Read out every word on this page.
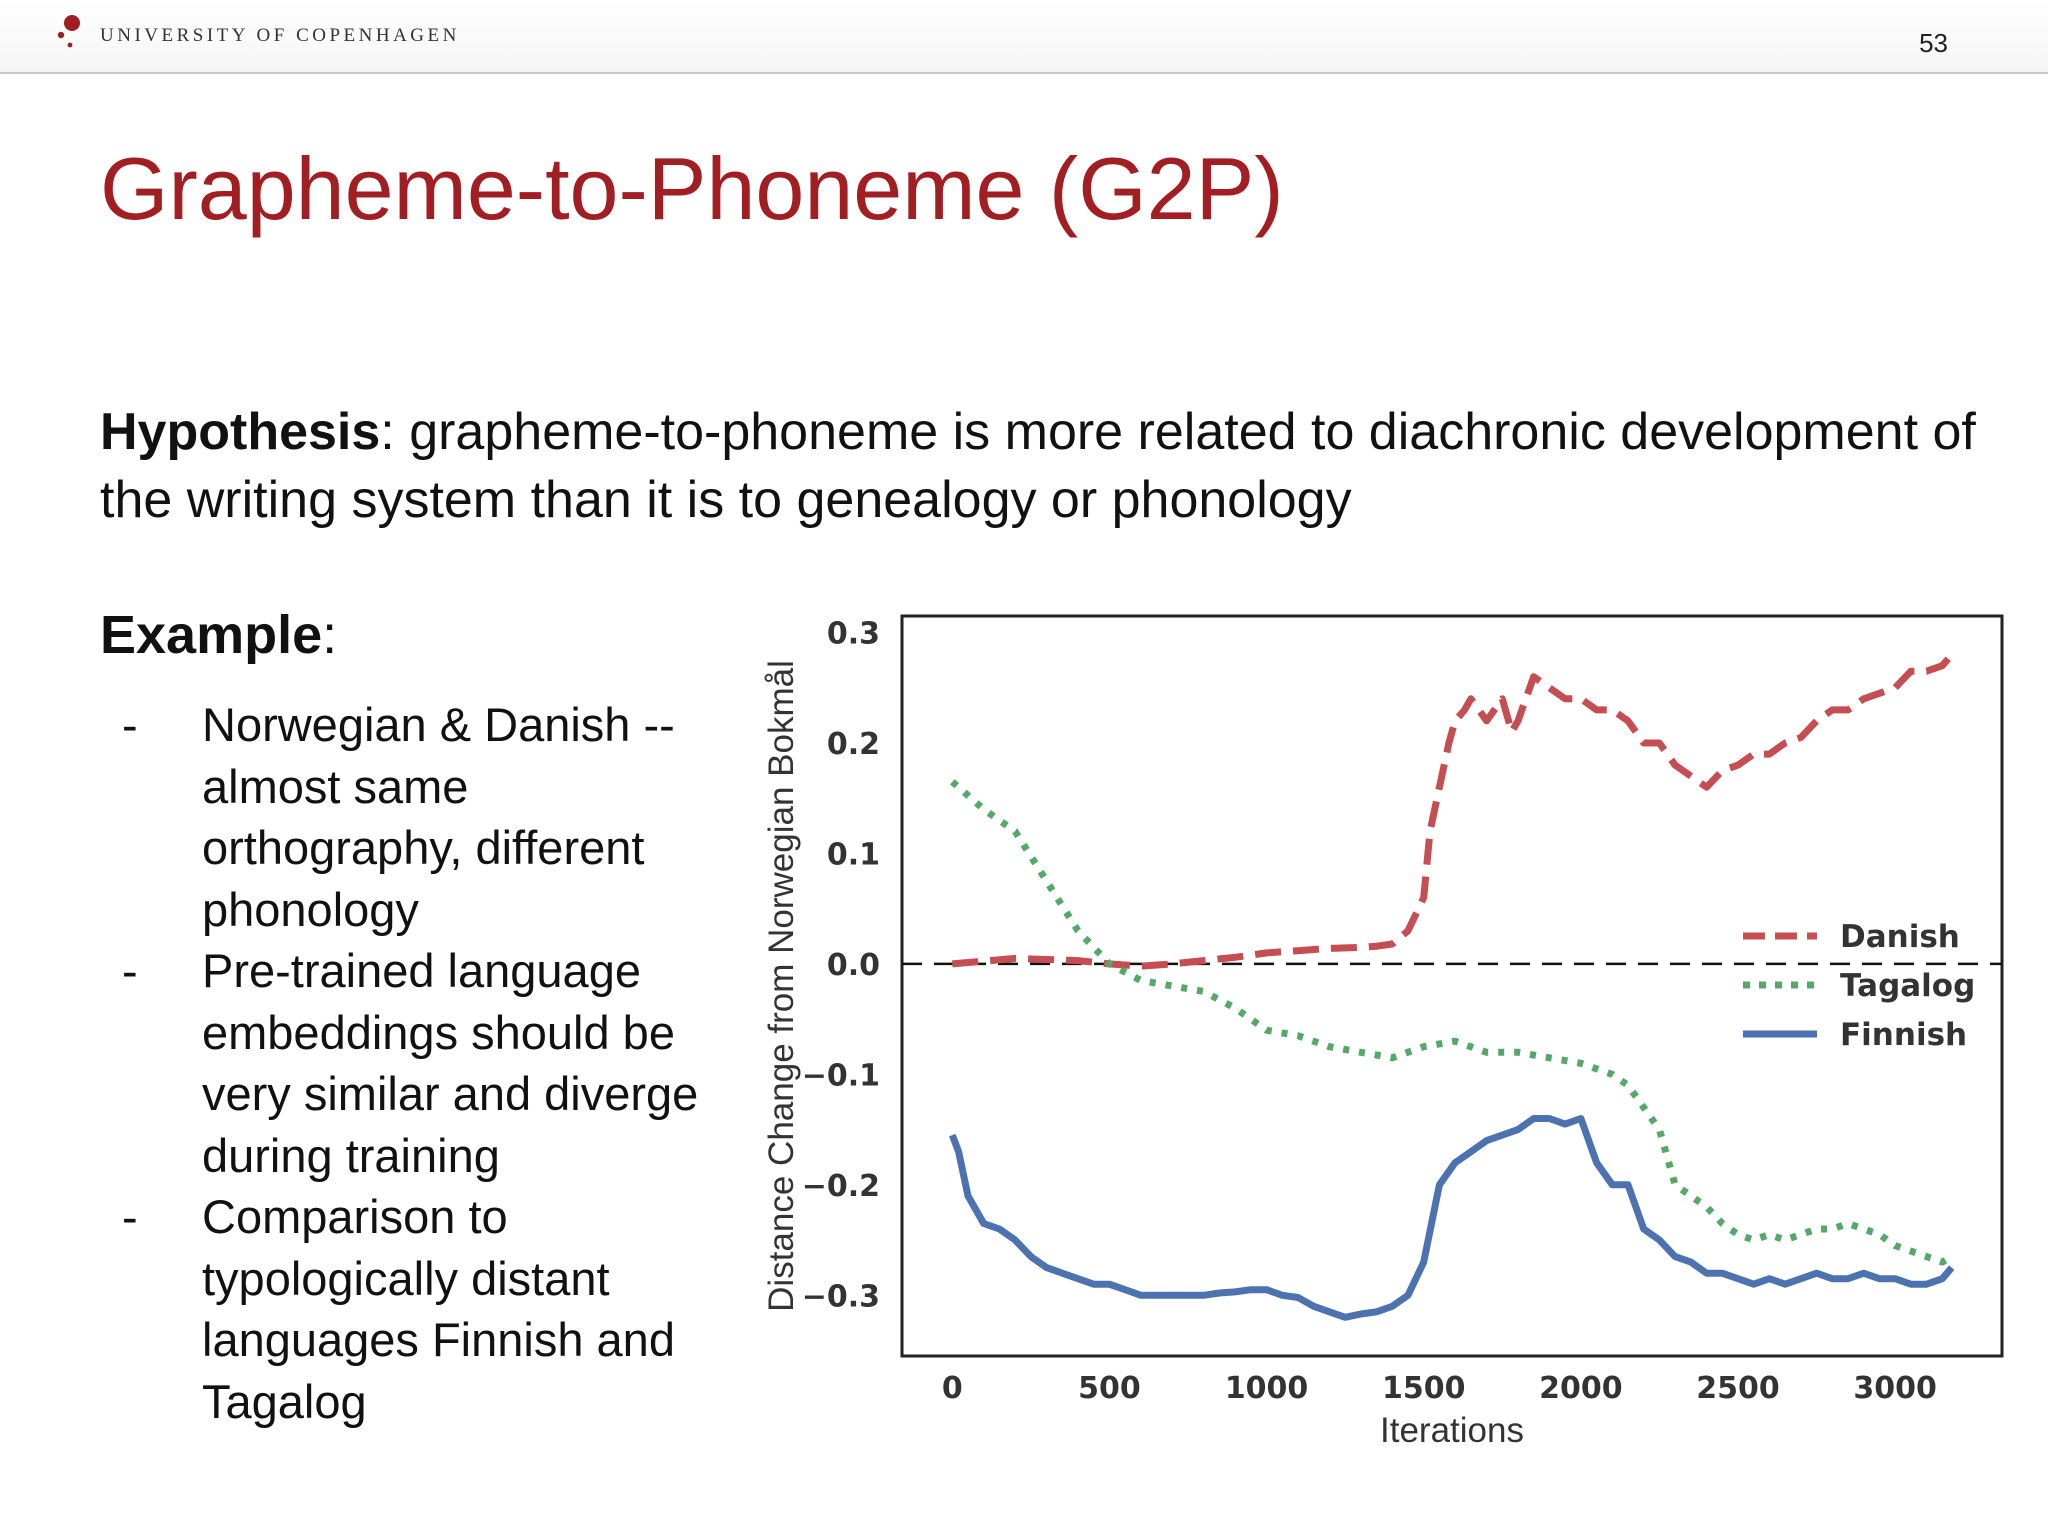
UNIVERSITY OF COPENHAGEN	53
Grapheme-to-Phoneme (G2P)
Hypothesis: grapheme-to-phoneme is more related to diachronic development of the writing system than it is to genealogy or phonology
Example:
- Norwegian & Danish -- almost same orthography, different phonology
- Pre-trained language embeddings should be very similar and diverge during training
- Comparison to typologically distant languages Finnish and Tagalog	0	500	1000 1500 2000 2500 3000
0.3
0.2
0.1
0.0
−0.1
−0.2
−0.3
Iterations
Distance Change from Norwegian Bokmål	Danish
Tagalog
Finnish
